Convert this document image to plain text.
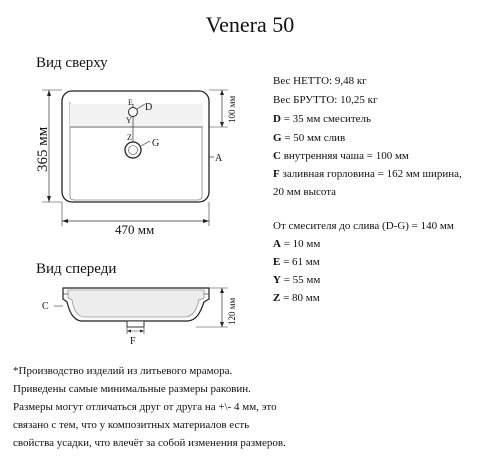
Venera 50
Вид сверху
Вид спереди
E D
Y
Z
G
A
365 мм
470 мм
100 мм
C
F
120 мм
Вес НЕТТО: 9,48 кг
Вес БРУТТО: 10,25 кг
D = 35 мм смеситель
G = 50 мм слив
C внутренняя чаша = 100 мм
F заливная горловина = 162 мм ширина,
20 мм высота
От смесителя до слива (D-G) = 140 мм
A = 10 мм
E = 61 мм
Y = 55 мм
Z = 80 мм
*Производство изделий из литьевого мрамора.
Приведены самые минимальные размеры раковин.
Размеры могут отличаться друг от друга на +\- 4 мм, это
связано с тем, что у композитных материалов есть
свойства усадки, что влечёт за собой изменения размеров.
